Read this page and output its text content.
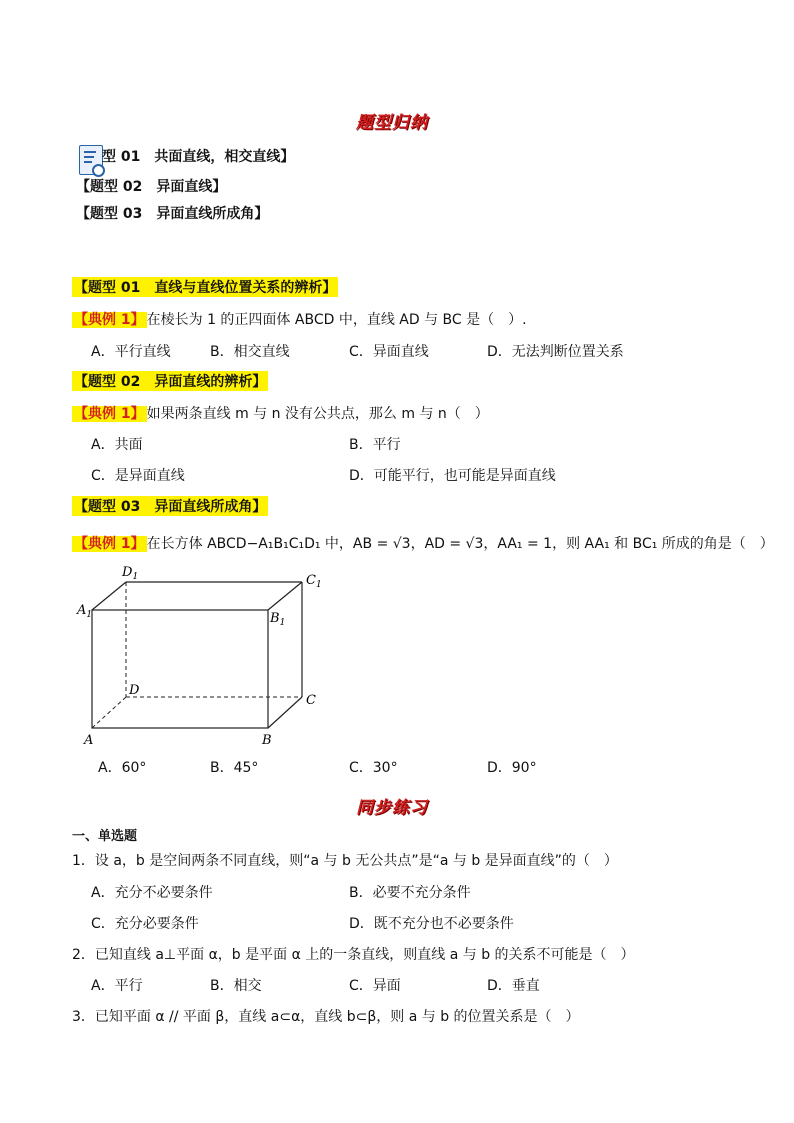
题型归纳
型 01　共面直线，相交直线】
【题型 02　异面直线】
【题型 03　异面直线所成角】
【题型 01　直线与直线位置关系的辨析】
【典例 1】 在棱长为 1 的正四面体 ABCD 中，直线 AD 与 BC 是（　）.
A．平行直线	B．相交直线	C．异面直线	D．无法判断位置关系
【题型 02　异面直线的辨析】
【典例 1】 如果两条直线 m 与 n 没有公共点，那么 m 与 n（　）
A．共面	B．平行
C．是异面直线	D．可能平行，也可能是异面直线
【题型 03　异面直线所成角】
【典例 1】 在长方体 ABCD−A₁B₁C₁D₁ 中，AB = √3，AD = √3，AA₁ = 1，则 AA₁ 和 BC₁ 所成的角是（　）
$D_1$	$C_1$
$A_1$	$B_1$
D
C
A	B
A．60°	B．45°	C．30°	D．90°
同步练习
一、单选题
1．设 a，b 是空间两条不同直线，则“a 与 b 无公共点”是“a 与 b 是异面直线”的（　）
A．充分不必要条件	B．必要不充分条件
C．充分必要条件	D．既不充分也不必要条件
2．已知直线 a⊥平面 α，b 是平面 α 上的一条直线，则直线 a 与 b 的关系不可能是（　）
A．平行	B．相交	C．异面	D．垂直
3．已知平面 α // 平面 β，直线 a⊂α，直线 b⊂β，则 a 与 b 的位置关系是（　）
